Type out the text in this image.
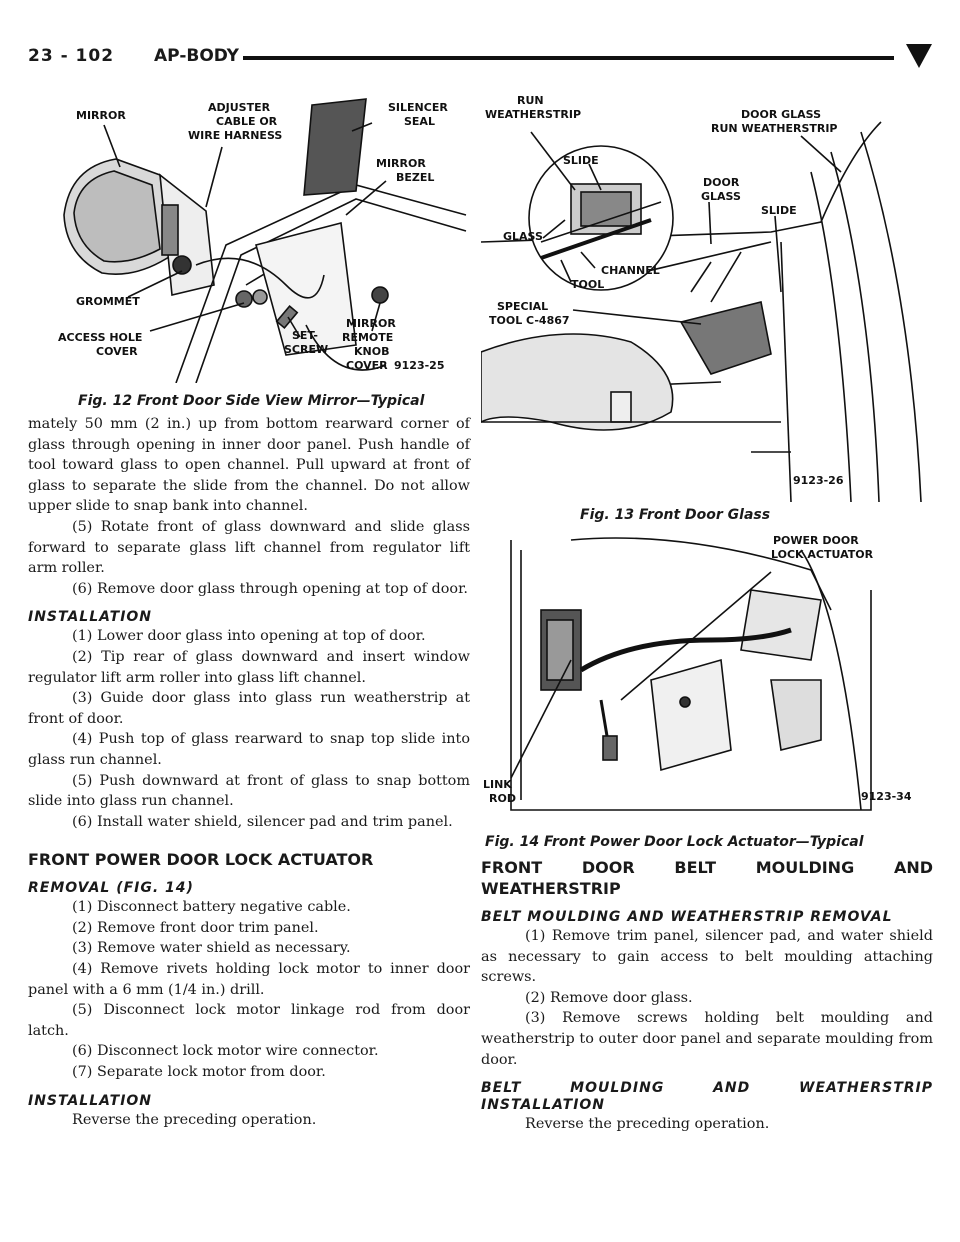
23 - 102 AP-BODY
MIRROR
ADJUSTER
CABLE OR
WIRE HARNESS
SILENCER
SEAL
MIRROR
BEZEL
GROMMET
ACCESS HOLE
COVER
SET-
SCREW
MIRROR
REMOTE
KNOB
COVER 9123-25
Fig. 12 Front Door Side View Mirror—Typical
RUN
WEATHERSTRIP	DOOR GLASS
RUN WEATHERSTRIP
SLIDE
DOOR
GLASS
SLIDE
GLASS
CHANNEL
TOOL
SPECIAL
TOOL C-4867
9123-26
Fig. 13 Front Door Glass
POWER DOOR
LOCK ACTUATOR
LINK
ROD	9123-34
Fig. 14 Front Power Door Lock Actuator—Typical

mately 50 mm (2 in.) up from bottom rearward corner of glass through opening in inner door panel. Push handle of tool toward glass to open channel. Pull upward at front of glass to separate the slide from the channel. Do not allow upper slide to snap bank into channel.

(5) Rotate front of glass downward and slide glass forward to separate glass lift channel from regulator lift arm roller.

(6) Remove door glass through opening at top of door.

INSTALLATION

(1) Lower door glass into opening at top of door.

(2) Tip rear of glass downward and insert window regulator lift arm roller into glass lift channel.

(3) Guide door glass into glass run weatherstrip at front of door.

(4) Push top of glass rearward to snap top slide into glass run channel.

(5) Push downward at front of glass to snap bottom slide into glass run channel.

(6) Install water shield, silencer pad and trim panel.

FRONT POWER DOOR LOCK ACTUATOR

REMOVAL (FIG. 14)

(1) Disconnect battery negative cable.

(2) Remove front door trim panel.

(3) Remove water shield as necessary.

(4) Remove rivets holding lock motor to inner door panel with a 6 mm (1/4 in.) drill.

(5) Disconnect lock motor linkage rod from door latch.

(6) Disconnect lock motor wire connector.

(7) Separate lock motor from door.

INSTALLATION

Reverse the preceding operation.

FRONT DOOR BELT MOULDING AND WEATHERSTRIP

BELT MOULDING AND WEATHERSTRIP REMOVAL

(1) Remove trim panel, silencer pad, and water shield as necessary to gain access to belt moulding attaching screws.

(2) Remove door glass.

(3) Remove screws holding belt moulding and weatherstrip to outer door panel and separate moulding from door.

BELT MOULDING AND WEATHERSTRIP INSTALLATION

Reverse the preceding operation.
